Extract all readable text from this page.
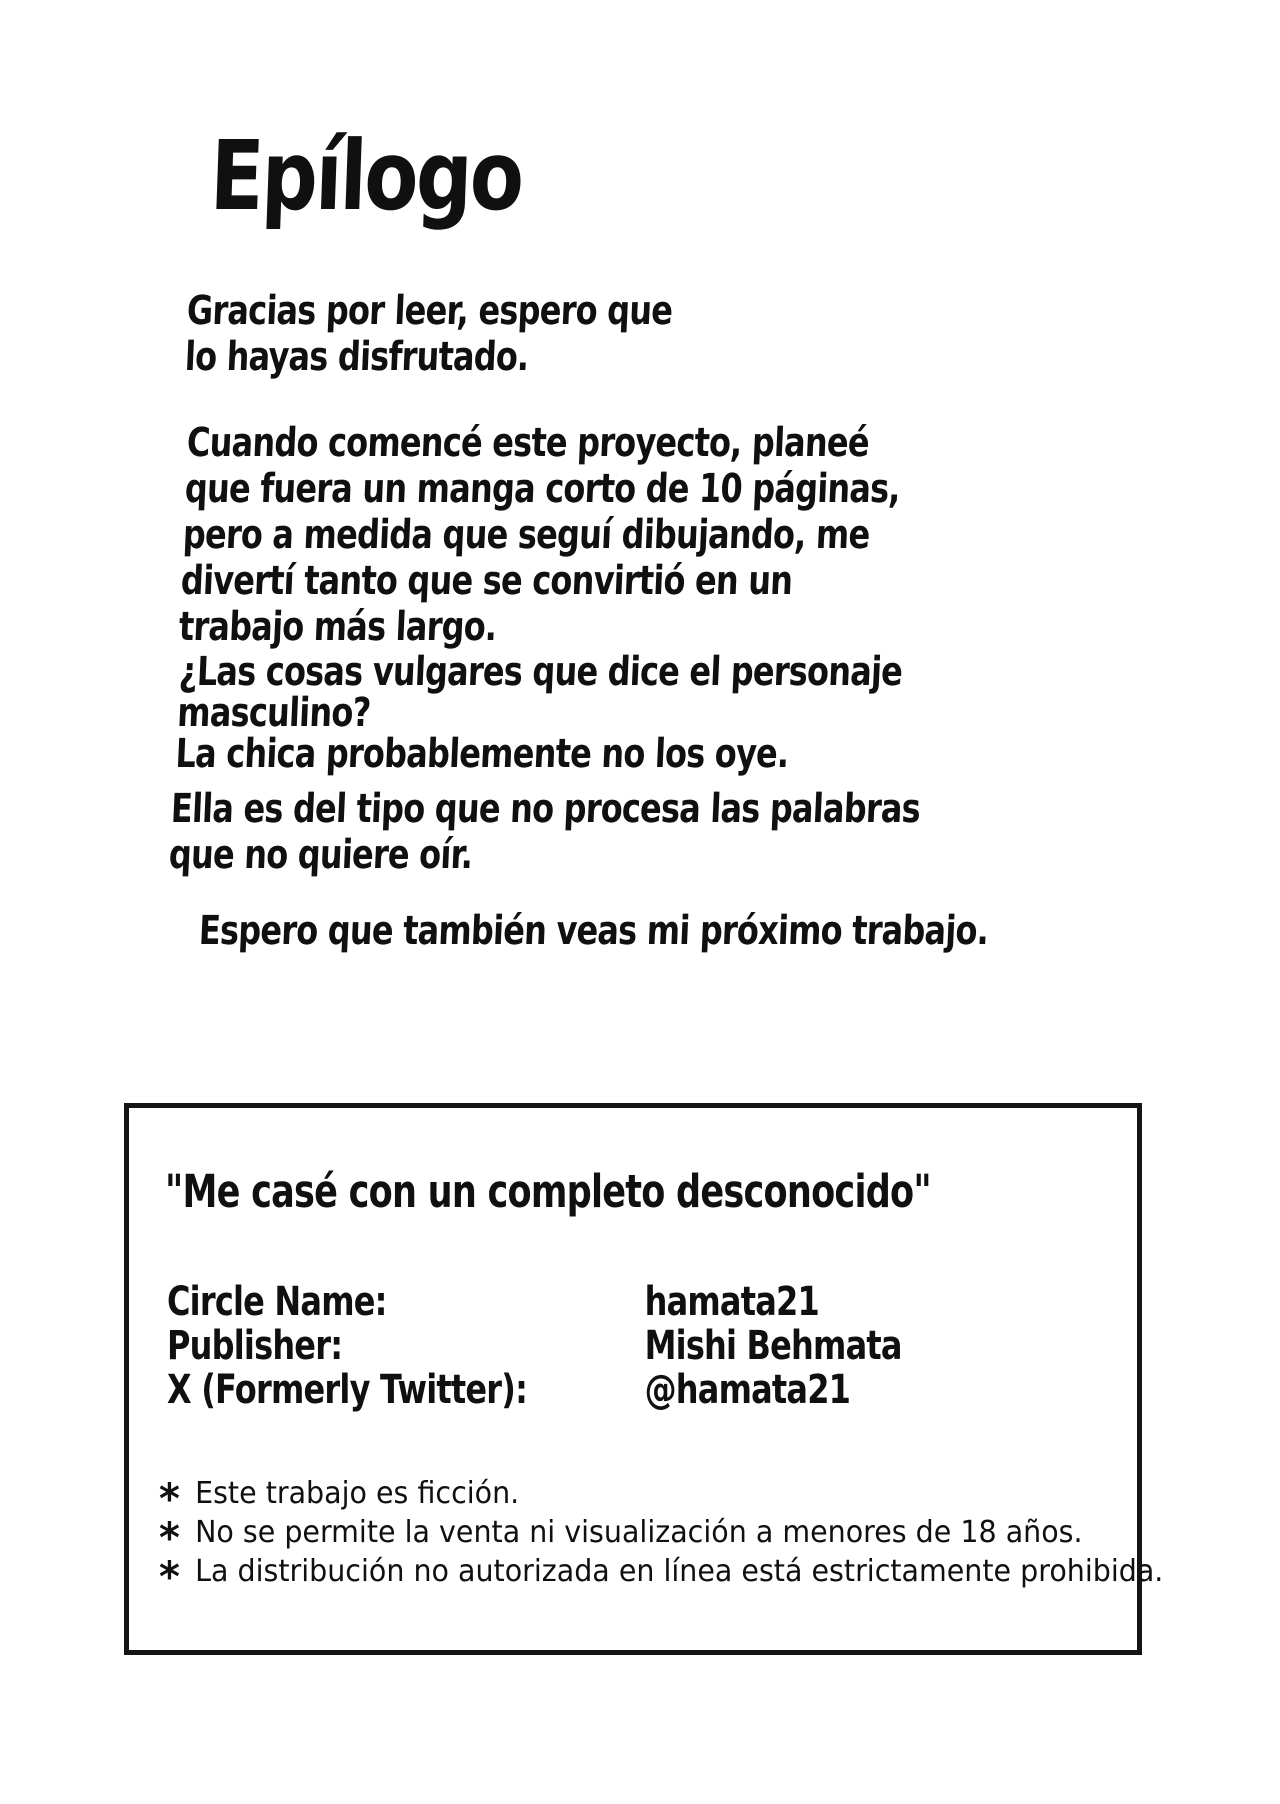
Epílogo
Gracias por leer, espero que
lo hayas disfrutado.
Cuando comencé este proyecto, planeé
que fuera un manga corto de 10 páginas,
pero a medida que seguí dibujando, me
divertí tanto que se convirtió en un
trabajo más largo.
¿Las cosas vulgares que dice el personaje
masculino?
La chica probablemente no los oye.
Ella es del tipo que no procesa las palabras
que no quiere oír.
Espero que también veas mi próximo trabajo.
"Me casé con un completo desconocido"
Circle Name:	hamata21
Publisher:	Mishi Behmata
X (Formerly Twitter):	@hamata21
* Este trabajo es ficción.
* No se permite la venta ni visualización a menores de 18 años.
* La distribución no autorizada en línea está estrictamente prohibida.
